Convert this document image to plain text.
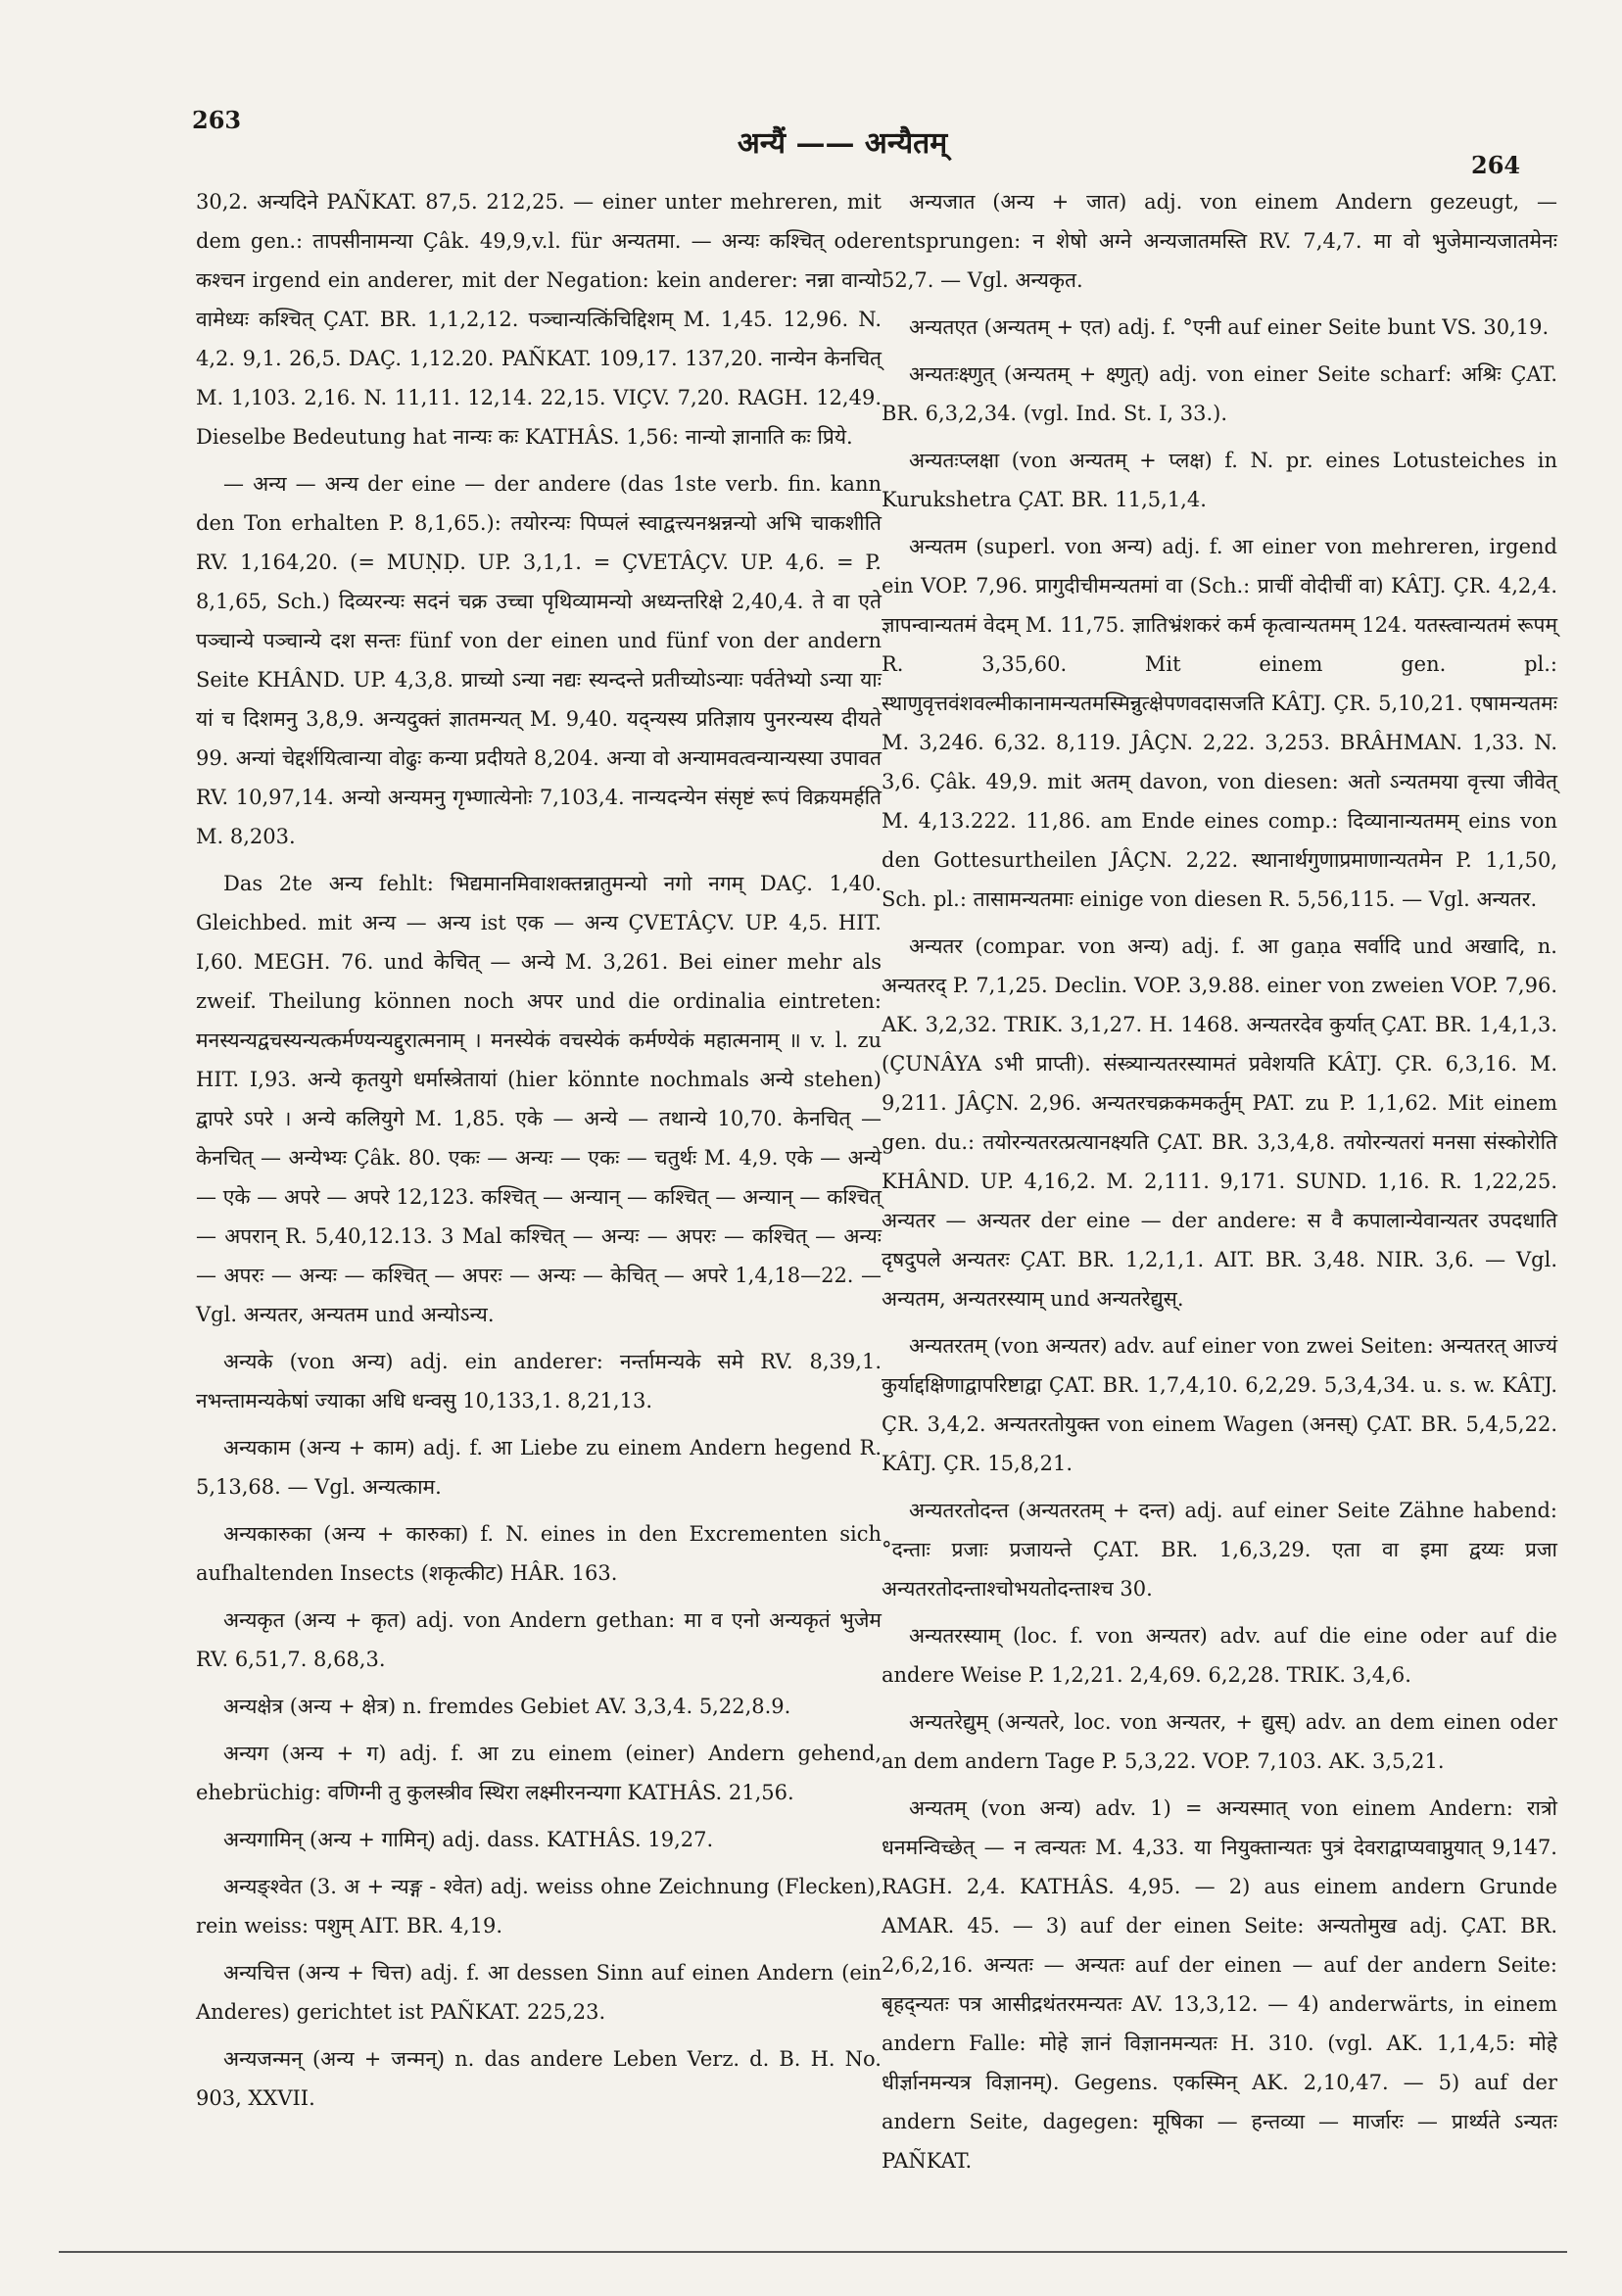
263
अन्यैं —— अन्यैतम्
264

30,2. अन्यदिने PAÑKAT. 87,5. 212,25. — einer unter mehreren, mit dem gen.: तापसीनामन्या Çâk. 49,9,v.l. für अन्यतमा. — अन्यः कश्चित् oder कश्चन irgend ein anderer, mit der Negation: kein anderer: नन्ना वान्यो वामेध्यः कश्चित् ÇAT. BR. 1,1,2,12. पञ्चान्यत्किंचिद्दिशम् M. 1,45. 12,96. N. 4,2. 9,1. 26,5. DAÇ. 1,12.20. PAÑKAT. 109,17. 137,20. नान्येन केनचित् M. 1,103. 2,16. N. 11,11. 12,14. 22,15. VIÇV. 7,20. RAGH. 12,49. Dieselbe Bedeutung hat नान्यः कः KATHÂS. 1,56: नान्यो ज्ञानाति कः प्रिये.

— अन्य — अन्य der eine — der andere (das 1ste verb. fin. kann den Ton erhalten P. 8,1,65.): तयोरन्यः पिप्पलं स्वाद्वत्त्यनश्नन्नन्यो अभि चाकशीति RV. 1,164,20. (= MUṆḌ. UP. 3,1,1. = ÇVETÂÇV. UP. 4,6. = P. 8,1,65, Sch.) दिव्यरन्यः सदनं चक्र उच्चा पृथिव्यामन्यो अध्यन्तरिक्षे 2,40,4. ते वा एते पञ्चान्ये पञ्चान्ये दश सन्तः fünf von der einen und fünf von der andern Seite KHÂND. UP. 4,3,8. प्राच्यो ऽन्या नद्यः स्यन्दन्ते प्रतीच्योऽन्याः पर्वतेभ्यो ऽन्या याः यां च दिशमनु 3,8,9. अन्यदुक्तं ज्ञातमन्यत् M. 9,40. यद्न्यस्य प्रतिज्ञाय पुनरन्यस्य दीयते 99. अन्यां चेद्दर्शयित्वान्या वोढुः कन्या प्रदीयते 8,204. अन्या वो अन्यामवत्वन्यान्यस्या उपावत RV. 10,97,14. अन्यो अन्यमनु गृभ्णात्येनोः 7,103,4. नान्यदन्येन संसृष्टं रूपं विक्रयमर्हति M. 8,203.

Das 2te अन्य fehlt: भिद्यमानमिवाशक्तन्नातुमन्यो नगो नगम् DAÇ. 1,40. Gleichbed. mit अन्य — अन्य ist एक — अन्य ÇVETÂÇV. UP. 4,5. HIT. I,60. MEGH. 76. und केचित् — अन्ये M. 3,261. Bei einer mehr als zweif. Theilung können noch अपर und die ordinalia eintreten: मनस्यन्यद्वचस्यन्यत्कर्मण्यन्यद्दुरात्मनाम् । मनस्येकं वचस्येकं कर्मण्येकं महात्मनाम् ॥ v. l. zu HIT. I,93. अन्ये कृतयुगे धर्मास्त्रेतायां (hier könnte nochmals अन्ये stehen) द्वापरे ऽपरे । अन्ये कलियुगे M. 1,85. एके — अन्ये — तथान्ये 10,70. केनचित् — केनचित् — अन्येभ्यः Çâk. 80. एकः — अन्यः — एकः — चतुर्थः M. 4,9. एके — अन्ये — एके — अपरे — अपरे 12,123. कश्चित् — अन्यान् — कश्चित् — अन्यान् — कश्चित् — अपरान् R. 5,40,12.13. 3 Mal कश्चित् — अन्यः — अपरः — कश्चित् — अन्यः — अपरः — अन्यः — कश्चित् — अपरः — अन्यः — केचित् — अपरे 1,4,18—22. — Vgl. अन्यतर, अन्यतम und अन्योऽन्य.

अन्यके (von अन्य) adj. ein anderer: नर्न्तामन्यके समे RV. 8,39,1. नभन्तामन्यकेषां ज्याका अधि धन्वसु 10,133,1. 8,21,13.

अन्यकाम (अन्य + काम) adj. f. आ Liebe zu einem Andern hegend R. 5,13,68. — Vgl. अन्यत्काम.

अन्यकारुका (अन्य + कारुका) f. N. eines in den Excrementen sich aufhaltenden Insects (शकृत्कीट) HÂR. 163.

अन्यकृत (अन्य + कृत) adj. von Andern gethan: मा व एनो अन्यकृतं भुजेम RV. 6,51,7. 8,68,3.

अन्यक्षेत्र (अन्य + क्षेत्र) n. fremdes Gebiet AV. 3,3,4. 5,22,8.9.

अन्यग (अन्य + ग) adj. f. आ zu einem (einer) Andern gehend, ehebrüchig: वणिग्नी तु कुलस्त्रीव स्थिरा लक्ष्मीरनन्यगा KATHÂS. 21,56.

अन्यगामिन् (अन्य + गामिन्) adj. dass. KATHÂS. 19,27.

अन्यङ्श्वेत (3. अ + न्यङ्ग - श्वेत) adj. weiss ohne Zeichnung (Flecken), rein weiss: पशुम् AIT. BR. 4,19.

अन्यचित्त (अन्य + चित्त) adj. f. आ dessen Sinn auf einen Andern (ein Anderes) gerichtet ist PAÑKAT. 225,23.

अन्यजन्मन् (अन्य + जन्मन्) n. das andere Leben Verz. d. B. H. No. 903, XXVII.

अन्यजात (अन्य + जात) adj. von einem Andern gezeugt, — entsprungen: न शेषो अग्ने अन्यजातमस्ति RV. 7,4,7. मा वो भुजेमान्यजातमेनः 52,7. — Vgl. अन्यकृत.

अन्यतएत (अन्यतम् + एत) adj. f. °एनी auf einer Seite bunt VS. 30,19.

अन्यतःक्ष्णुत् (अन्यतम् + क्ष्णुत्) adj. von einer Seite scharf: अश्रिः ÇAT. BR. 6,3,2,34. (vgl. Ind. St. I, 33.).

अन्यतःप्लक्षा (von अन्यतम् + प्लक्ष) f. N. pr. eines Lotusteiches in Kurukshetra ÇAT. BR. 11,5,1,4.

अन्यतम (superl. von अन्य) adj. f. आ einer von mehreren, irgend ein VOP. 7,96. प्रागुदीचीमन्यतमां वा (Sch.: प्राचीं वोदीचीं वा) KÂTJ. ÇR. 4,2,4. ज्ञापन्वान्यतमं वेदम् M. 11,75. ज्ञातिभ्रंशकरं कर्म कृत्वान्यतमम् 124. यतस्त्वान्यतमं रूपम् R. 3,35,60. Mit einem gen. pl.: स्थाणुवृत्तवंशवल्मीकानामन्यतमस्मिन्नुत्क्षेपणवदासजति KÂTJ. ÇR. 5,10,21. एषामन्यतमः M. 3,246. 6,32. 8,119. JÂÇN. 2,22. 3,253. BRÂHMAN. 1,33. N. 3,6. Çâk. 49,9. mit अतम् davon, von diesen: अतो ऽन्यतमया वृत्त्या जीवेत् M. 4,13.222. 11,86. am Ende eines comp.: दिव्यानान्यतमम् eins von den Gottesurtheilen JÂÇN. 2,22. स्थानार्थगुणाप्रमाणान्यतमेन P. 1,1,50, Sch. pl.: तासामन्यतमाः einige von diesen R. 5,56,115. — Vgl. अन्यतर.

अन्यतर (compar. von अन्य) adj. f. आ gaṇa सर्वादि und अखादि, n. अन्यतरद् P. 7,1,25. Declin. VOP. 3,9.88. einer von zweien VOP. 7,96. AK. 3,2,32. TRIK. 3,1,27. H. 1468. अन्यतरदेव कुर्यात् ÇAT. BR. 1,4,1,3. (ÇUNÂYA ऽभी प्राप्ती). संस्त्र्यान्यतरस्यामतं प्रवेशयति KÂTJ. ÇR. 6,3,16. M. 9,211. JÂÇN. 2,96. अन्यतरचक्रकमकर्तुम् PAT. zu P. 1,1,62. Mit einem gen. du.: तयोरन्यतरत्प्रत्यानक्ष्यति ÇAT. BR. 3,3,4,8. तयोरन्यतरां मनसा संस्कोरोति KHÂND. UP. 4,16,2. M. 2,111. 9,171. SUND. 1,16. R. 1,22,25. अन्यतर — अन्यतर der eine — der andere: स वै कपालान्येवान्यतर उपदधाति दृषदुपले अन्यतरः ÇAT. BR. 1,2,1,1. AIT. BR. 3,48. NIR. 3,6. — Vgl. अन्यतम, अन्यतरस्याम् und अन्यतरेद्युस्.

अन्यतरतम् (von अन्यतर) adv. auf einer von zwei Seiten: अन्यतरत् आज्यं कुर्याद्दक्षिणाद्वापरिष्टाद्वा ÇAT. BR. 1,7,4,10. 6,2,29. 5,3,4,34. u. s. w. KÂTJ. ÇR. 3,4,2. अन्यतरतोयुक्त von einem Wagen (अनस्) ÇAT. BR. 5,4,5,22. KÂTJ. ÇR. 15,8,21.

अन्यतरतोदन्त (अन्यतरतम् + दन्त) adj. auf einer Seite Zähne habend: °दन्ताः प्रजाः प्रजायन्ते ÇAT. BR. 1,6,3,29. एता वा इमा द्वय्यः प्रजा अन्यतरतोदन्ताश्चोभयतोदन्ताश्च 30.

अन्यतरस्याम् (loc. f. von अन्यतर) adv. auf die eine oder auf die andere Weise P. 1,2,21. 2,4,69. 6,2,28. TRIK. 3,4,6.

अन्यतरेद्युम् (अन्यतरे, loc. von अन्यतर, + द्युस्) adv. an dem einen oder an dem andern Tage P. 5,3,22. VOP. 7,103. AK. 3,5,21.

अन्यतम् (von अन्य) adv. 1) = अन्यस्मात् von einem Andern: रात्रो धनमन्विच्छेत् — न त्वन्यतः M. 4,33. या नियुक्तान्यतः पुत्रं देवराद्वाप्यवाप्नुयात् 9,147. RAGH. 2,4. KATHÂS. 4,95. — 2) aus einem andern Grunde AMAR. 45. — 3) auf der einen Seite: अन्यतोमुख adj. ÇAT. BR. 2,6,2,16. अन्यतः — अन्यतः auf der einen — auf der andern Seite: बृहद्न्यतः पत्र आसीद्रथंतरमन्यतः AV. 13,3,12. — 4) anderwärts, in einem andern Falle: मोहे ज्ञानं विज्ञानमन्यतः H. 310. (vgl. AK. 1,1,4,5: मोहे धीर्ज्ञानमन्यत्र विज्ञानम्). Gegens. एकस्मिन् AK. 2,10,47. — 5) auf der andern Seite, dagegen: मूषिका — हन्तव्या — मार्जारः — प्रार्थ्यते ऽन्यतः PAÑKAT.
